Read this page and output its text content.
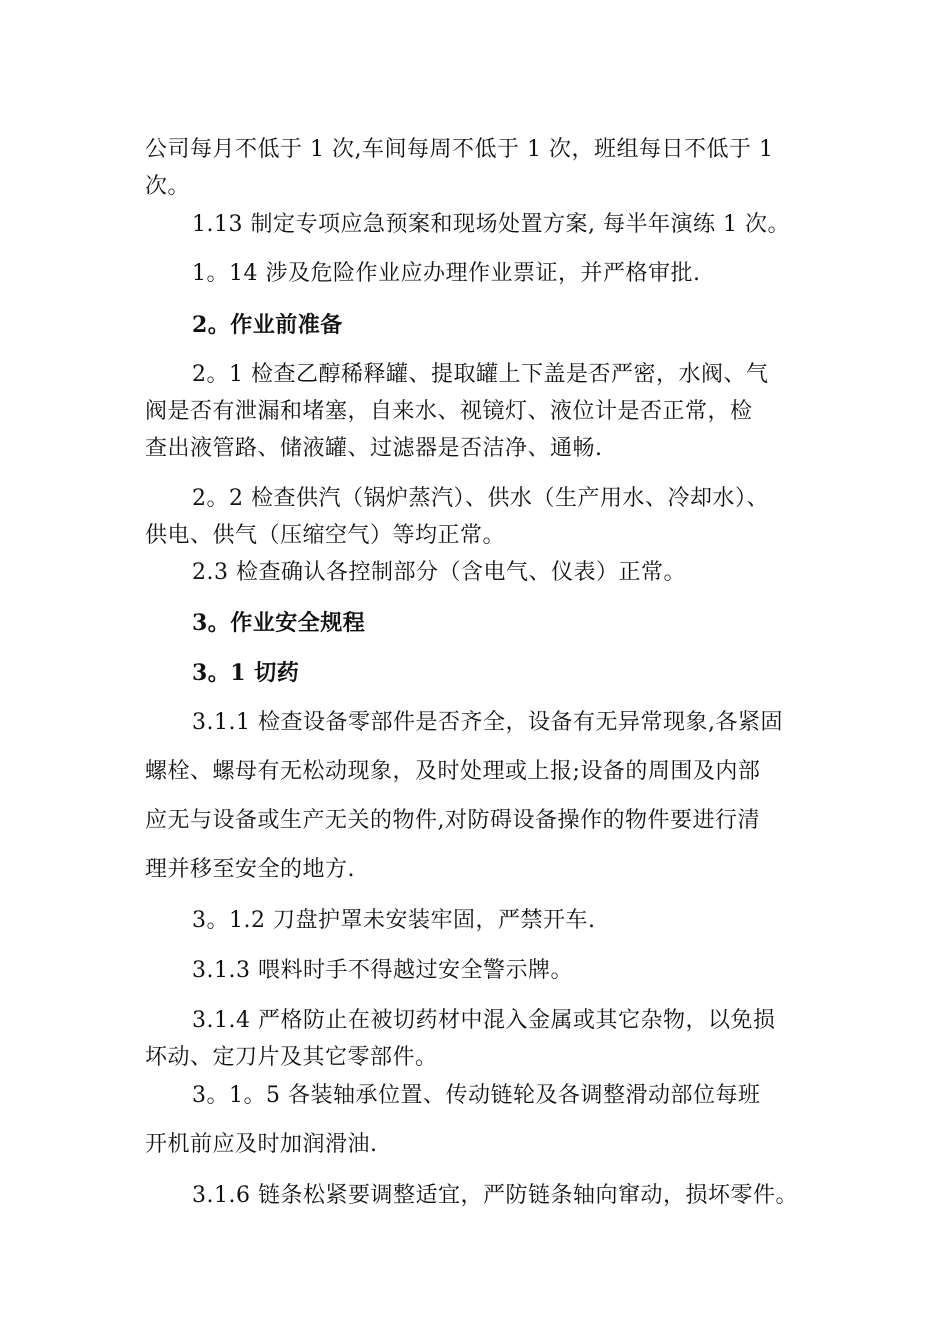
公司每月不低于 1 次,车间每周不低于 1 次，班组每日不低于 1
次。
1.13 制定专项应急预案和现场处置方案, 每半年演练 1 次。
1。14 涉及危险作业应办理作业票证，并严格审批.
2。作业前准备
2。1 检查乙醇稀释罐、提取罐上下盖是否严密，水阀、气
阀是否有泄漏和堵塞，自来水、视镜灯、液位计是否正常，检
查出液管路、储液罐、过滤器是否洁净、通畅.
2。2 检查供汽（锅炉蒸汽）、供水（生产用水、冷却水）、
供电、供气（压缩空气）等均正常。
2.3 检查确认各控制部分（含电气、仪表）正常。
3。作业安全规程
3。1 切药
3.1.1 检查设备零部件是否齐全，设备有无异常现象,各紧固
螺栓、螺母有无松动现象，及时处理或上报;设备的周围及内部
应无与设备或生产无关的物件,对防碍设备操作的物件要进行清
理并移至安全的地方.
3。1.2 刀盘护罩未安装牢固，严禁开车.
3.1.3 喂料时手不得越过安全警示牌。
3.1.4 严格防止在被切药材中混入金属或其它杂物，以免损
坏动、定刀片及其它零部件。
3。1。5 各装轴承位置、传动链轮及各调整滑动部位每班
开机前应及时加润滑油.
3.1.6 链条松紧要调整适宜，严防链条轴向窜动，损坏零件。
